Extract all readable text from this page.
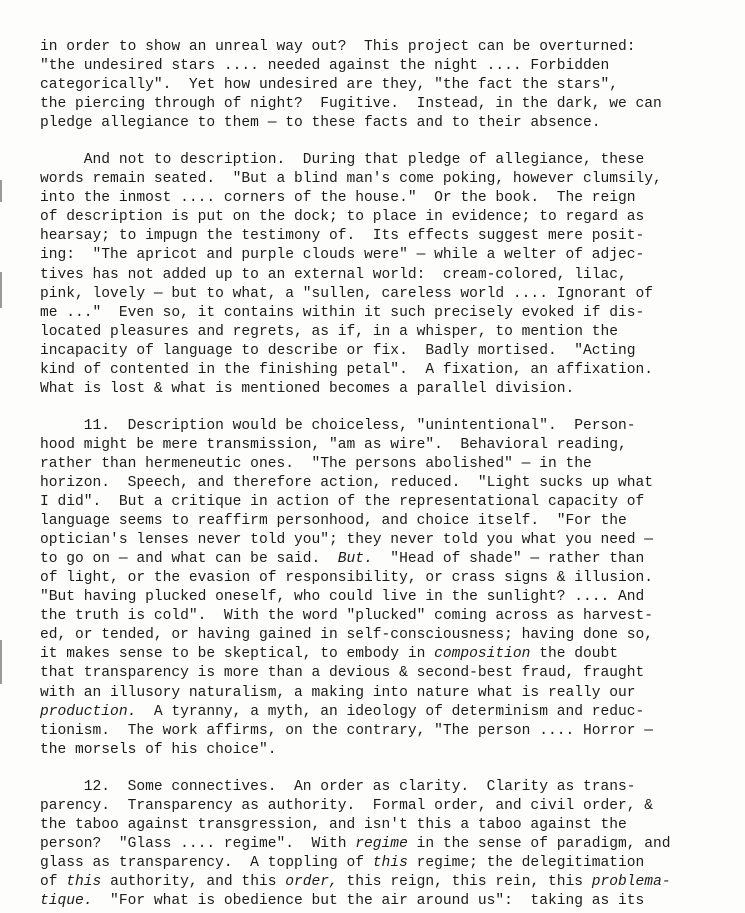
in order to show an unreal way out?  This project can be overturned:
"the undesired stars .... needed against the night .... Forbidden
categorically".  Yet how undesired are they, "the fact the stars",
the piercing through of night?  Fugitive.  Instead, in the dark, we can
pledge allegiance to them — to these facts and to their absence.
And not to description.  During that pledge of allegiance, these
words remain seated.  "But a blind man's come poking, however clumsily,
into the inmost .... corners of the house."  Or the book.  The reign
of description is put on the dock; to place in evidence; to regard as
hearsay; to impugn the testimony of.  Its effects suggest mere posit-
ing:  "The apricot and purple clouds were" — while a welter of adjec-
tives has not added up to an external world:  cream-colored, lilac,
pink, lovely — but to what, a "sullen, careless world .... Ignorant of
me ..."  Even so, it contains within it such precisely evoked if dis-
located pleasures and regrets, as if, in a whisper, to mention the
incapacity of language to describe or fix.  Badly mortised.  "Acting
kind of contented in the finishing petal".  A fixation, an affixation.
What is lost & what is mentioned becomes a parallel division.
11.  Description would be choiceless, "unintentional".  Person-
hood might be mere transmission, "am as wire".  Behavioral reading,
rather than hermeneutic ones.  "The persons abolished" — in the
horizon.  Speech, and therefore action, reduced.  "Light sucks up what
I did".  But a critique in action of the representational capacity of
language seems to reaffirm personhood, and choice itself.  "For the
optician's lenses never told you"; they never told you what you need —
to go on — and what can be said.  But.  "Head of shade" — rather than
of light, or the evasion of responsibility, or crass signs & illusion.
"But having plucked oneself, who could live in the sunlight? .... And
the truth is cold".  With the word "plucked" coming across as harvest-
ed, or tended, or having gained in self-consciousness; having done so,
it makes sense to be skeptical, to embody in composition the doubt
that transparency is more than a devious & second-best fraud, fraught
with an illusory naturalism, a making into nature what is really our
production.  A tyranny, a myth, an ideology of determinism and reduc-
tionism.  The work affirms, on the contrary, "The person .... Horror —
the morsels of his choice".
12.  Some connectives.  An order as clarity.  Clarity as trans-
parency.  Transparency as authority.  Formal order, and civil order, &
the taboo against transgression, and isn't this a taboo against the
person?  "Glass .... regime".  With regime in the sense of paradigm, and
glass as transparency.  A toppling of this regime; the delegitimation
of this authority, and this order, this reign, this rein, this problema-
tique.  "For what is obedience but the air around us":  taking as its
